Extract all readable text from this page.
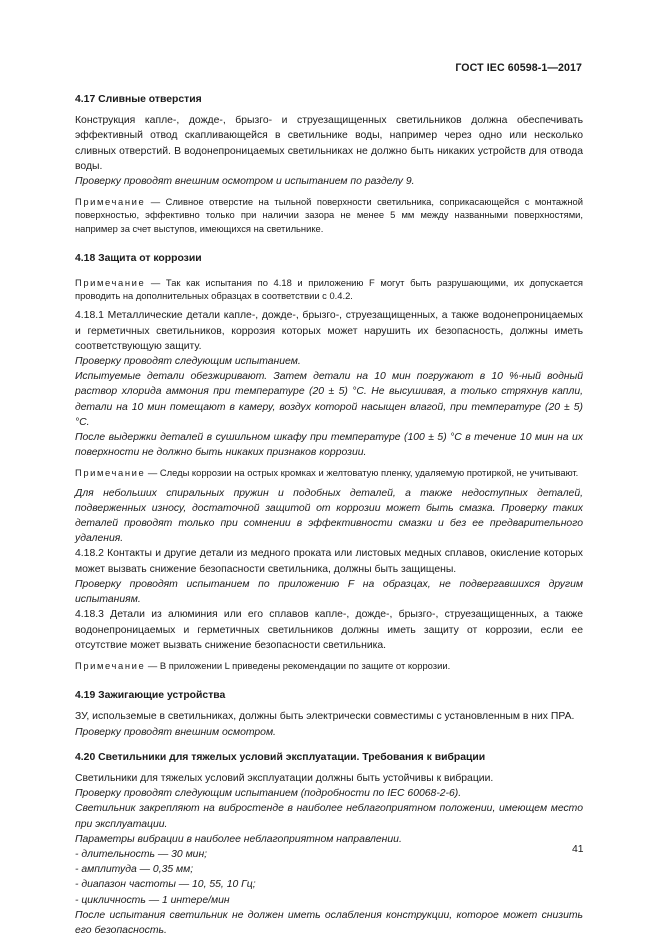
ГОСТ IEC 60598-1—2017
4.17 Сливные отверстия

Конструкция капле-, дожде-, брызго- и струезащищенных светильников должна обеспечивать эффективный отвод скапливающейся в светильнике воды, например через одно или несколько сливных отверстий. В водонепроницаемых светильниках не должно быть никаких устройств для отвода воды.

Проверку проводят внешним осмотром и испытанием по разделу 9.

Примечание — Сливное отверстие на тыльной поверхности светильника, соприкасающейся с монтажной поверхностью, эффективно только при наличии зазора не менее 5 мм между названными поверхностями, например за счет выступов, имеющихся на светильнике.

4.18 Защита от коррозии

Примечание — Так как испытания по 4.18 и приложению F могут быть разрушающими, их допускается проводить на дополнительных образцах в соответствии с 0.4.2.

4.18.1 Металлические детали капле-, дожде-, брызго-, струезащищенных, а также водонепроницаемых и герметичных светильников, коррозия которых может нарушить их безопасность, должны иметь соответствующую защиту.

Проверку проводят следующим испытанием.

Испытуемые детали обезжиривают. Затем детали на 10 мин погружают в 10 %-ный водный раствор хлорида аммония при температуре (20 ± 5) °С. Не высушивая, а только стряхнув капли, детали на 10 мин помещают в камеру, воздух которой насыщен влагой, при температуре (20 ± 5) °С.

После выдержки деталей в сушильном шкафу при температуре (100 ± 5) °С в течение 10 мин на их поверхности не должно быть никаких признаков коррозии.

Примечание — Следы коррозии на острых кромках и желтоватую пленку, удаляемую протиркой, не учитывают.

Для небольших спиральных пружин и подобных деталей, а также недоступных деталей, подверженных износу, достаточной защитой от коррозии может быть смазка. Проверку таких деталей проводят только при сомнении в эффективности смазки и без ее предварительного удаления.

4.18.2 Контакты и другие детали из медного проката или листовых медных сплавов, окисление которых может вызвать снижение безопасности светильника, должны быть защищены.

Проверку проводят испытанием по приложению F на образцах, не подвергавшихся другим испытаниям.

4.18.3 Детали из алюминия или его сплавов капле-, дожде-, брызго-, струезащищенных, а также водонепроницаемых и герметичных светильников должны иметь защиту от коррозии, если ее отсутствие может вызвать снижение безопасности светильника.

Примечание — В приложении L приведены рекомендации по защите от коррозии.

4.19 Зажигающие устройства

ЗУ, использемые в светильниках, должны быть электрически совместимы с установленным в них ПРА.

Проверку проводят внешним осмотром.

4.20 Светильники для тяжелых условий эксплуатации. Требования к вибрации

Светильники для тяжелых условий эксплуатации должны быть устойчивы к вибрации.

Проверку проводят следующим испытанием (подробности по IEC 60068-2-6).

Светильник закрепляют на вибростенде в наиболее неблагоприятном положении, имеющем место при эксплуатации.

Параметры вибрации в наиболее неблагоприятном направлении.

- длительность — 30 мин;
- амплитуда — 0,35 мм;
- диапазон частоты — 10, 55, 10 Гц;
- цикличность — 1 интере/мин

После испытания светильник не должен иметь ослабления конструкции, которое может снизить его безопасность.

41
